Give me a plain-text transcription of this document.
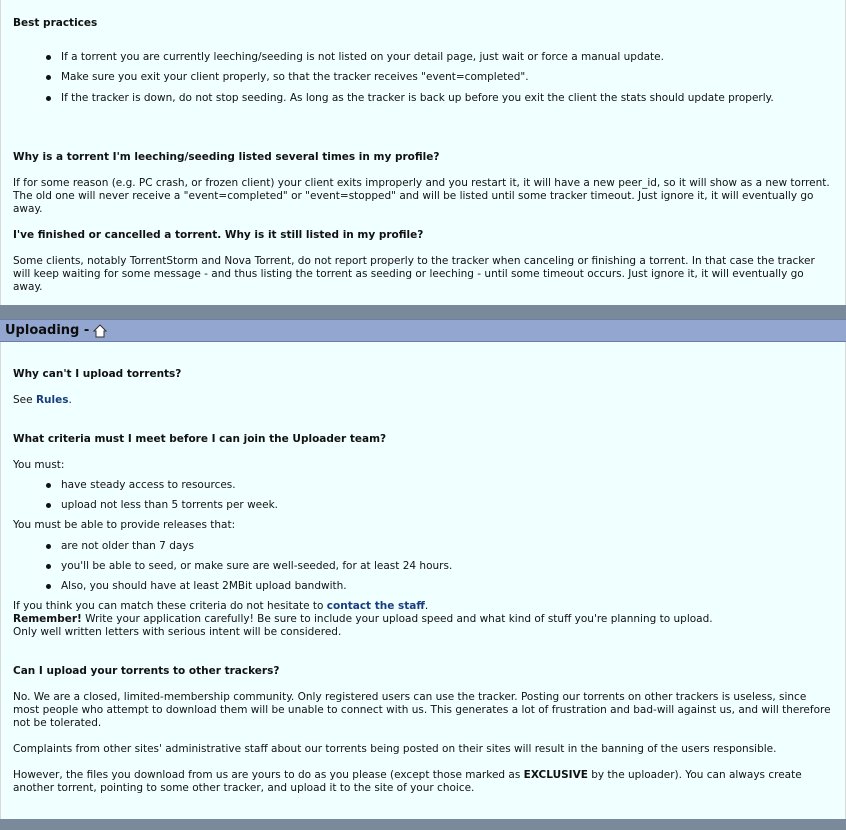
Uploading -
Best practices
If a torrent you are currently leeching/seeding is not listed on your detail page, just wait or force a manual update.
Make sure you exit your client properly, so that the tracker receives "event=completed".
If the tracker is down, do not stop seeding. As long as the tracker is back up before you exit the client the stats should update properly.
Why is a torrent I'm leeching/seeding listed several times in my profile?
If for some reason (e.g. PC crash, or frozen client) your client exits improperly and you restart it, it will have a new peer_id, so it will show as a new torrent. The old one will never receive a "event=completed" or "event=stopped" and will be listed until some tracker timeout. Just ignore it, it will eventually go away.
I've finished or cancelled a torrent. Why is it still listed in my profile?
Some clients, notably TorrentStorm and Nova Torrent, do not report properly to the tracker when canceling or finishing a torrent. In that case the tracker will keep waiting for some message - and thus listing the torrent as seeding or leeching - until some timeout occurs. Just ignore it, it will eventually go away.
Why can't I upload torrents?
See Rules.
What criteria must I meet before I can join the Uploader team?
You must:
have steady access to resources.
upload not less than 5 torrents per week.
You must be able to provide releases that:
are not older than 7 days
you'll be able to seed, or make sure are well-seeded, for at least 24 hours.
Also, you should have at least 2MBit upload bandwith.
If you think you can match these criteria do not hesitate to contact the staff.
Remember! Write your application carefully! Be sure to include your upload speed and what kind of stuff you're planning to upload.
Only well written letters with serious intent will be considered.
Can I upload your torrents to other trackers?
No. We are a closed, limited-membership community. Only registered users can use the tracker. Posting our torrents on other trackers is useless, since most people who attempt to download them will be unable to connect with us. This generates a lot of frustration and bad-will against us, and will therefore not be tolerated.
Complaints from other sites' administrative staff about our torrents being posted on their sites will result in the banning of the users responsible.
However, the files you download from us are yours to do as you please (except those marked as EXCLUSIVE by the uploader). You can always create another torrent, pointing to some other tracker, and upload it to the site of your choice.
